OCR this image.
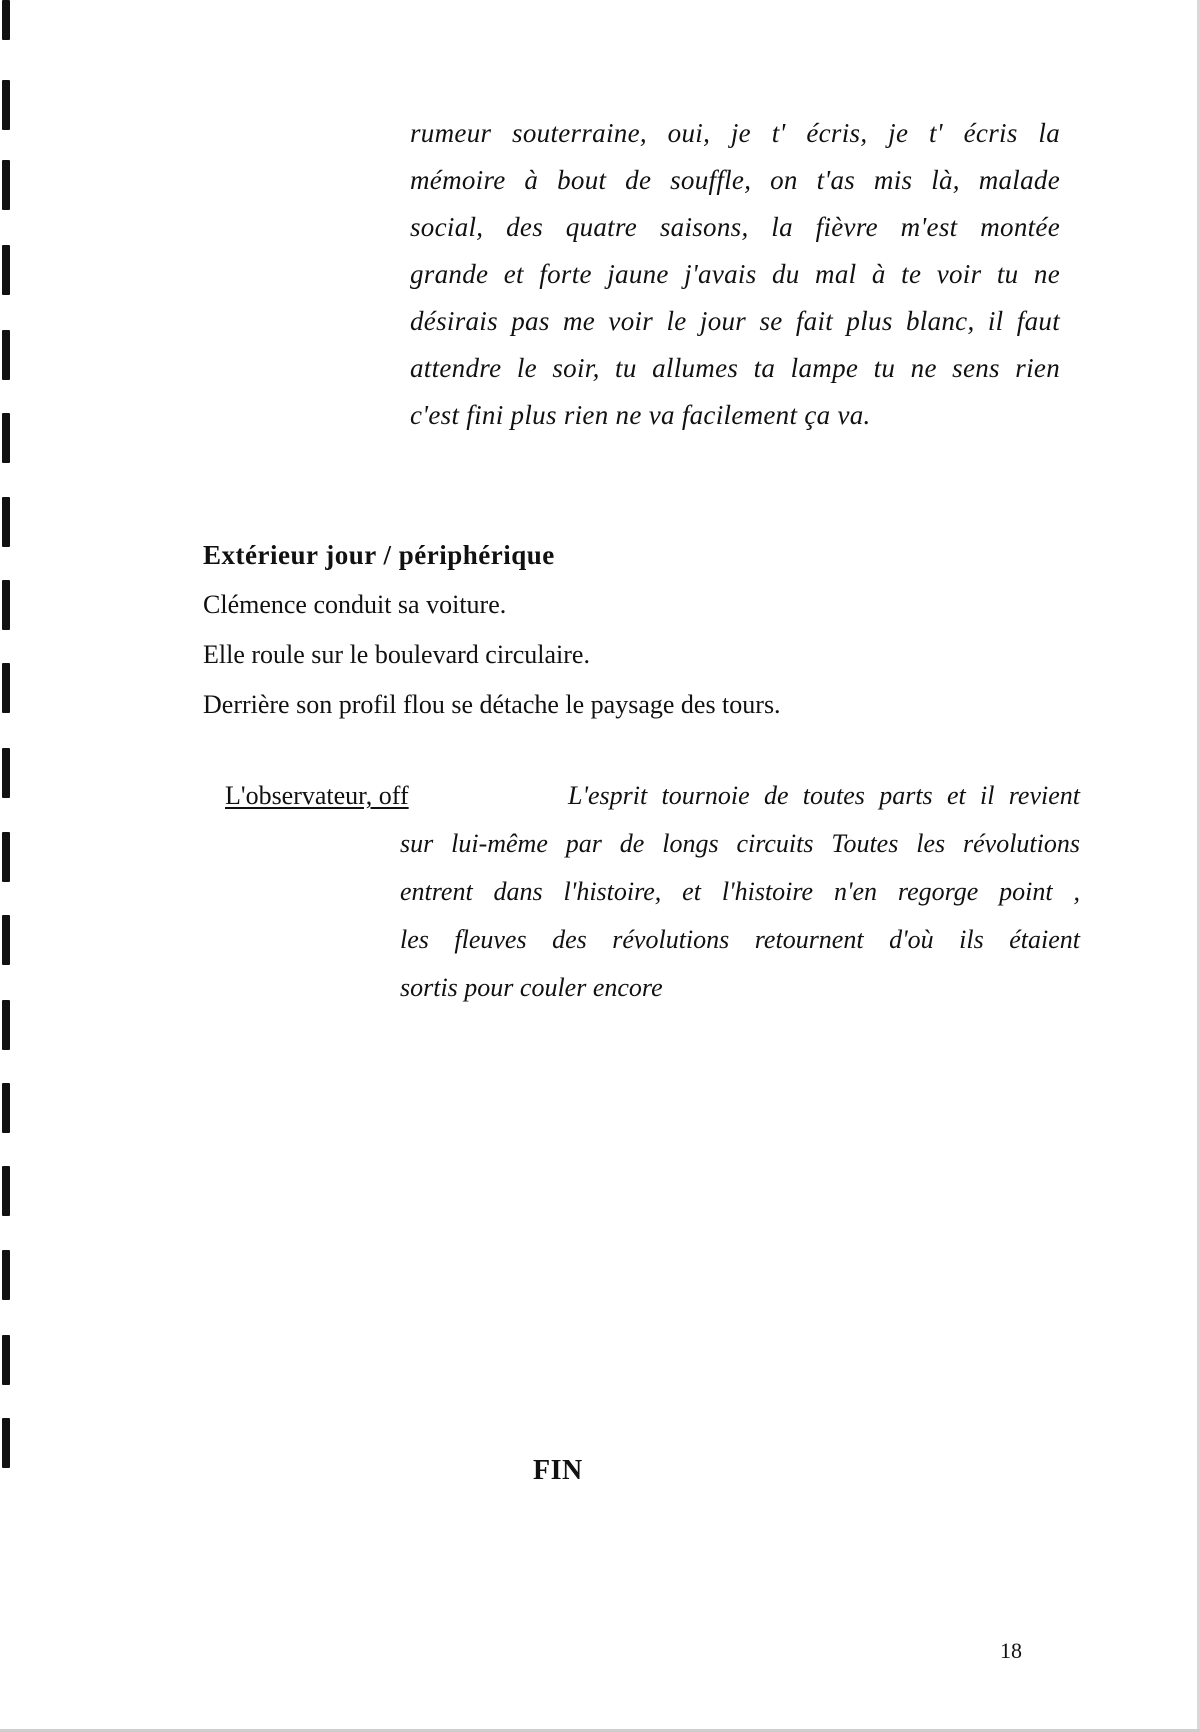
rumeur souterraine, oui, je t' écris, je t' écris la
mémoire à bout de souffle, on t'as mis là, malade
social, des quatre saisons, la fièvre m'est montée
grande et forte jaune j'avais du mal à te voir tu ne
désirais pas me voir le jour se fait plus blanc, il faut
attendre le soir, tu allumes ta lampe tu ne sens rien
c'est fini plus rien ne va facilement ça va.
Extérieur jour / périphérique
Clémence conduit sa voiture.
Elle roule sur le boulevard circulaire.
Derrière son profil flou se détache le paysage des tours.
L'observateur, off	L'esprit tournoie de toutes parts et il revient
sur lui-même par de longs circuits Toutes les révolutions
entrent dans l'histoire, et l'histoire n'en regorge point ,
les fleuves des révolutions retournent d'où ils étaient
sortis pour couler encore
FIN
18
